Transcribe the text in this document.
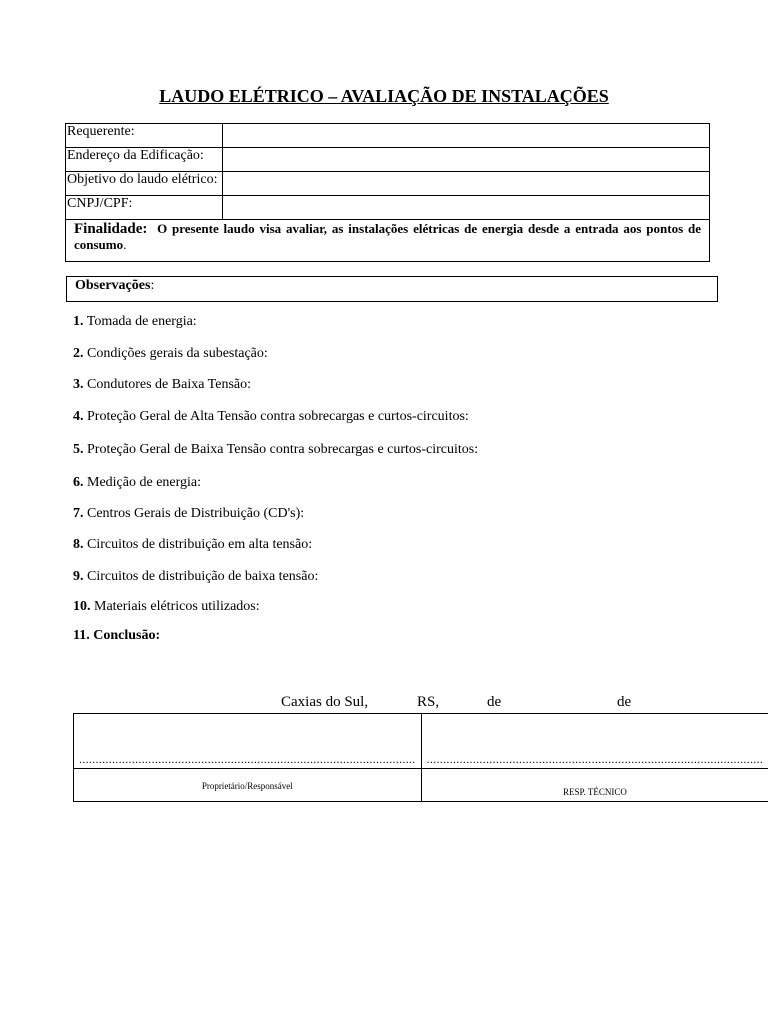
LAUDO ELÉTRICO – AVALIAÇÃO DE INSTALAÇÕES
Requerente:	
Endereço da Edificação:	
Objetivo do laudo elétrico:	
CNPJ/CPF:	
Finalidade: O presente laudo visa avaliar, as instalações elétricas de energia desde a entrada aos pontos de consumo.	
Observações:
1. Tomada de energia:
2. Condições gerais da subestação:
3. Condutores de Baixa Tensão:
4. Proteção Geral de Alta Tensão contra sobrecargas e curtos-circuitos:
5. Proteção Geral de Baixa Tensão contra sobrecargas e curtos-circuitos:
6. Medição de energia:
7. Centros Gerais de Distribuição (CD's):
8. Circuitos de distribuição em alta tensão:
9. Circuitos de distribuição de baixa tensão:
10. Materiais elétricos utilizados:
11. Conclusão:
Caxias do Sul,	RS,	de	de
......................................................................................................	......................................................................................................

Proprietário/Responsável	RESP. TÉCNICO
